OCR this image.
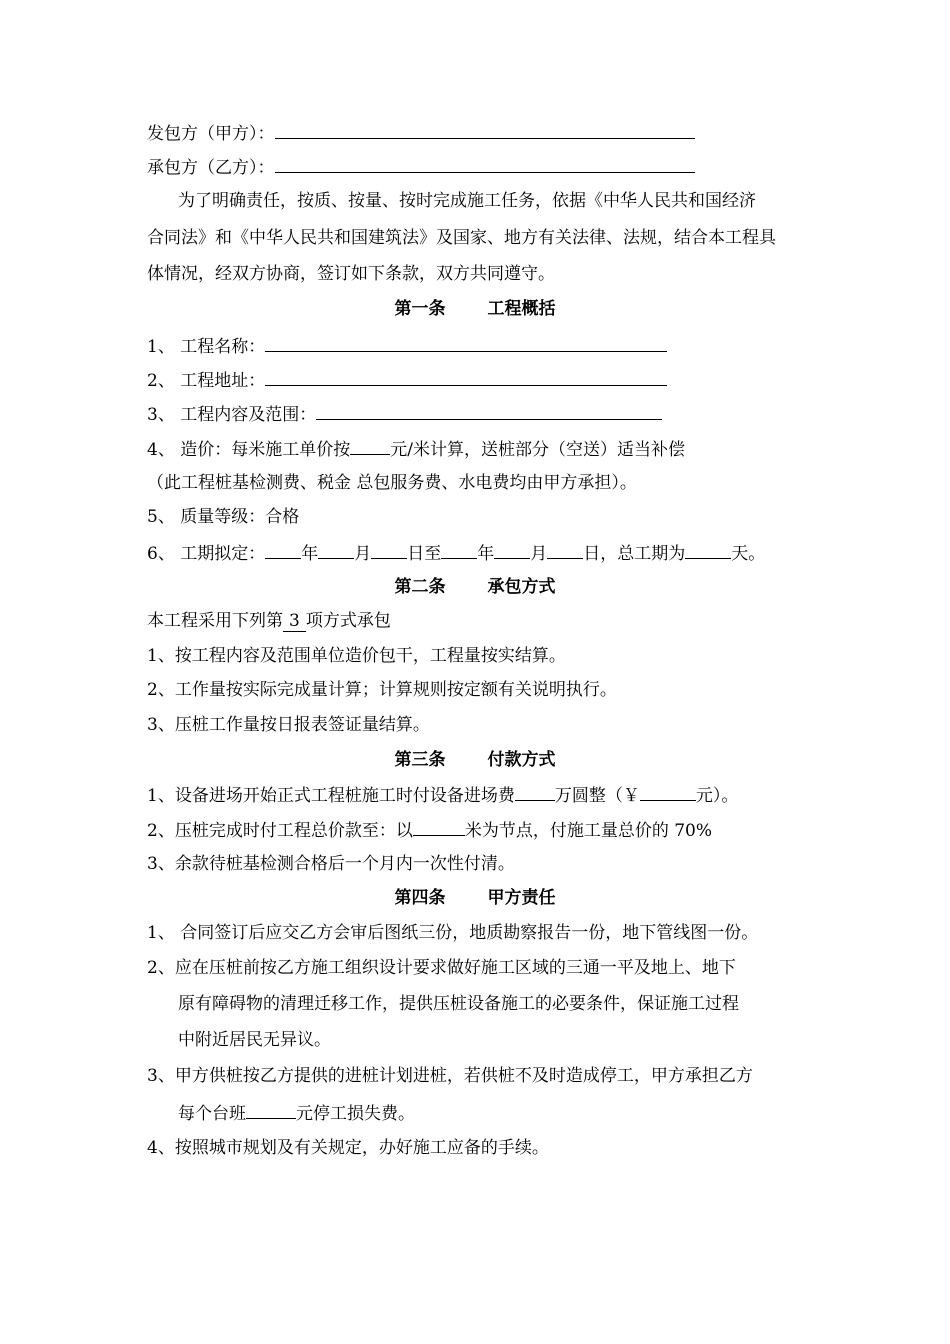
发包方（甲方）：
承包方（乙方）：
为了明确责任，按质、按量、按时完成施工任务，依据《中华人民共和国经济
合同法》和《中华人民共和国建筑法》及国家、地方有关法律、法规，结合本工程具
体情况，经双方协商，签订如下条款，双方共同遵守。
第一条 工程概括
1、 工程名称：
2、 工程地址：
3、 工程内容及范围：
4、 造价：每米施工单价按 元/米计算，送桩部分（空送）适当补偿
（此工程桩基检测费、税金 总包服务费、水电费均由甲方承担）。
5、 质量等级：合格
6、 工期拟定： 年 月 日至 年 月 日，总工期为	天。
第二条 承包方式
本工程采用下列第 3 项方式承包
1、按工程内容及范围单位造价包干，工程量按实结算。
2、工作量按实际完成量计算；计算规则按定额有关说明执行。
3、压桩工作量按日报表签证量结算。
第三条 付款方式
1、设备进场开始正式工程桩施工时付设备进场费 万圆整（￥	元）。
2、压桩完成时付工程总价款至：以	米为节点，付施工量总价的 70%
3、余款待桩基检测合格后一个月内一次性付清。
第四条 甲方责任
1、 合同签订后应交乙方会审后图纸三份，地质勘察报告一份，地下管线图一份。
2、应在压桩前按乙方施工组织设计要求做好施工区域的三通一平及地上、地下
原有障碍物的清理迁移工作，提供压桩设备施工的必要条件，保证施工过程
中附近居民无异议。
3、甲方供桩按乙方提供的进桩计划进桩，若供桩不及时造成停工，甲方承担乙方
每个台班	元停工损失费。
4、按照城市规划及有关规定，办好施工应备的手续。
